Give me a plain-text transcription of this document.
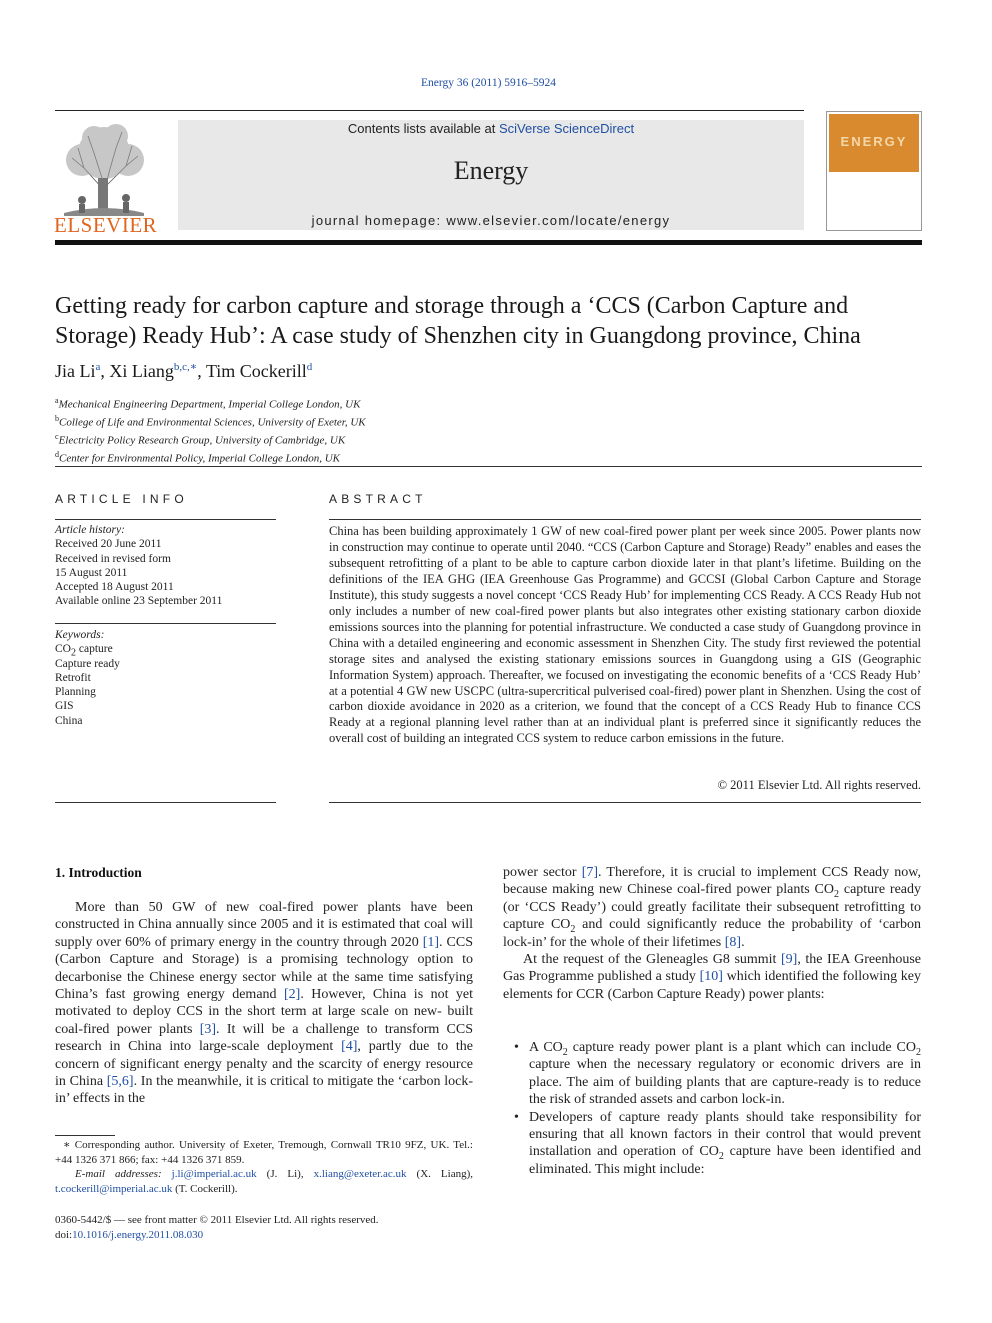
Energy 36 (2011) 5916–5924
ELSEVIER
Contents lists available at SciVerse ScienceDirect
Energy
journal homepage: www.elsevier.com/locate/energy
ENERGY
Getting ready for carbon capture and storage through a ‘CCS (Carbon Capture and Storage) Ready Hub’: A case study of Shenzhen city in Guangdong province, China
Jia Li$^a$, Xi Liang$^{b,c,∗}$, Tim Cockerill$^d$
$^a$Mechanical Engineering Department, Imperial College London, UK
$^b$College of Life and Environmental Sciences, University of Exeter, UK
$^c$Electricity Policy Research Group, University of Cambridge, UK
$^d$Center for Environmental Policy, Imperial College London, UK
ARTICLE INFO	ABSTRACT
Article history:
Received 20 June 2011
Received in revised form
15 August 2011
Accepted 18 August 2011
Available online 23 September 2011
Keywords:
$CO_2$ capture
Capture ready
Retrofit
Planning
GIS
China
China has been building approximately 1 GW of new coal-fired power plant per week since 2005. Power plants now in construction may continue to operate until 2040. “CCS (Carbon Capture and Storage) Ready” enables and eases the subsequent retrofitting of a plant to be able to capture carbon dioxide later in that plant’s lifetime. Building on the definitions of the IEA GHG (IEA Greenhouse Gas Programme) and GCCSI (Global Carbon Capture and Storage Institute), this study suggests a novel concept ‘CCS Ready Hub’ for implementing CCS Ready. A CCS Ready Hub not only includes a number of new coal-fired power plants but also integrates other existing stationary carbon dioxide emissions sources into the planning for potential infrastructure. We conducted a case study of Guangdong province in China with a detailed engineering and economic assessment in Shenzhen City. The study first reviewed the potential storage sites and analysed the existing stationary emissions sources in Guangdong using a GIS (Geographic Information System) approach. Thereafter, we focused on investigating the economic benefits of a ‘CCS Ready Hub’ at a potential 4 GW new USCPC (ultra-supercritical pulverised coal-fired) power plant in Shenzhen. Using the cost of carbon dioxide avoidance in 2020 as a criterion, we found that the concept of a CCS Ready Hub to finance CCS Ready at a regional planning level rather than at an individual plant is preferred since it significantly reduces the overall cost of building an integrated CCS system to reduce carbon emissions in the future.
© 2011 Elsevier Ltd. All rights reserved.
1. Introduction

More than 50 GW of new coal-fired power plants have been constructed in China annually since 2005 and it is estimated that coal will supply over 60% of primary energy in the country through 2020 [1]. CCS (Carbon Capture and Storage) is a promising technology option to decarbonise the Chinese energy sector while at the same time satisfying China’s fast growing energy demand [2]. However, China is not yet motivated to deploy CCS in the short term at large scale on new- built coal-fired power plants [3]. It will be a challenge to transform CCS research in China into large-scale deployment [4], partly due to the concern of significant energy penalty and the scarcity of energy resource in China [5,6]. In the meanwhile, it is critical to mitigate the ‘carbon lock-in’ effects in the

power sector [7]. Therefore, it is crucial to implement CCS Ready now, because making new Chinese coal-fired power plants $CO_2$ capture ready (or ‘CCS Ready’) could greatly facilitate their subsequent retrofitting to capture $CO_2$ and could significantly reduce the probability of ‘carbon lock-in’ for the whole of their lifetimes [8].

At the request of the Gleneagles G8 summit [9], the IEA Greenhouse Gas Programme published a study [10] which identified the following key elements for CCR (Carbon Capture Ready) power plants:

• A $CO_2$ capture ready power plant is a plant which can include $CO_2$ capture when the necessary regulatory or economic drivers are in place. The aim of building plants that are capture-ready is to reduce the risk of stranded assets and carbon lock-in.

• Developers of capture ready plants should take responsibility for ensuring that all known factors in their control that would prevent installation and operation of $CO_2$ capture have been identified and eliminated. This might include:

∗ Corresponding author. University of Exeter, Tremough, Cornwall TR10 9FZ, UK. Tel.: +44 1326 371 866; fax: +44 1326 371 859.
E-mail addresses: j.li@imperial.ac.uk (J. Li), x.liang@exeter.ac.uk (X. Liang), t.cockerill@imperial.ac.uk (T. Cockerill).
0360-5442/$ — see front matter © 2011 Elsevier Ltd. All rights reserved.
doi:10.1016/j.energy.2011.08.030
